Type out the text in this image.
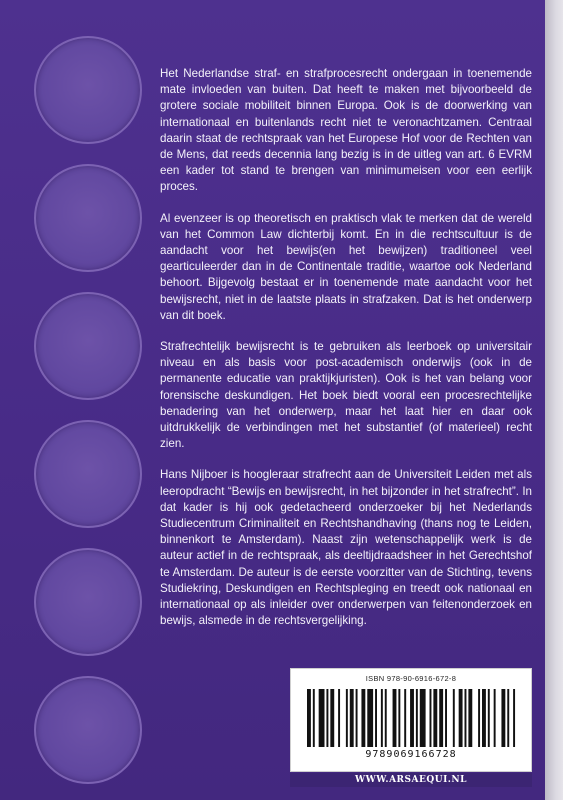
Het Nederlandse straf- en strafprocesrecht ondergaan in toenemende mate invloeden van buiten. Dat heeft te maken met bijvoorbeeld de grotere sociale mobiliteit binnen Europa. Ook is de doorwerking van internationaal en buitenlands recht niet te veronachtzamen. Centraal daarin staat de rechtspraak van het Europese Hof voor de Rechten van de Mens, dat reeds decennia lang bezig is in de uitleg van art. 6 EVRM een kader tot stand te brengen van minimumeisen voor een eerlijk proces.

Al evenzeer is op theoretisch en praktisch vlak te merken dat de wereld van het Common Law dichterbij komt. En in die rechtscultuur is de aandacht voor het bewijs(en het bewijzen) traditioneel veel gearticuleerder dan in de Continentale traditie, waartoe ook Nederland behoort. Bijgevolg bestaat er in toenemende mate aandacht voor het bewijsrecht, niet in de laatste plaats in strafzaken. Dat is het onderwerp van dit boek.

Strafrechtelijk bewijsrecht is te gebruiken als leerboek op universitair niveau en als basis voor post-academisch onderwijs (ook in de permanente educatie van praktijkjuristen). Ook is het van belang voor forensische deskundigen. Het boek biedt vooral een procesrechtelijke benadering van het onderwerp, maar het laat hier en daar ook uitdrukkelijk de verbindingen met het substantief (of materieel) recht zien.

Hans Nijboer is hoogleraar strafrecht aan de Universiteit Leiden met als leeropdracht “Bewijs en bewijsrecht, in het bijzonder in het strafrecht”. In dat kader is hij ook gedetacheerd onderzoeker bij het Nederlands Studiecentrum Criminaliteit en Rechtshandhaving (thans nog te Leiden, binnenkort te Amsterdam). Naast zijn wetenschappelijk werk is de auteur actief in de rechtspraak, als deeltijdraadsheer in het Gerechtshof te Amsterdam. De auteur is de eerste voorzitter van de Stichting, tevens Studiekring, Deskundigen en Rechtspleging en treedt ook nationaal en internationaal op als inleider over onderwerpen van feitenonderzoek en bewijs, alsmede in de rechtsvergelijking.

ISBN 978-90-6916-672-8
9789069166728
WWW.ARSAEQUI.NL
